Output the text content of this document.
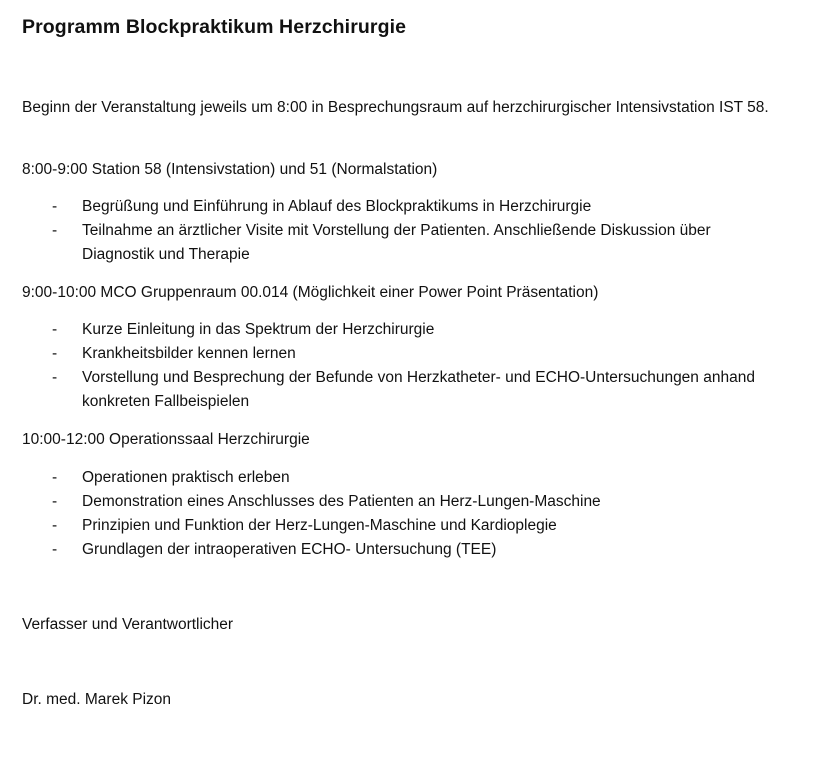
Programm Blockpraktikum Herzchirurgie
Beginn der Veranstaltung jeweils um 8:00 in Besprechungsraum auf herzchirurgischer Intensivstation IST 58.
8:00-9:00 Station 58 (Intensivstation) und 51 (Normalstation)
-	Begrüßung und Einführung in Ablauf des Blockpraktikums in Herzchirurgie
-	Teilnahme an ärztlicher Visite mit Vorstellung der Patienten. Anschließende Diskussion über Diagnostik und Therapie
9:00-10:00 MCO Gruppenraum 00.014 (Möglichkeit einer Power Point Präsentation)
-	Kurze Einleitung in das Spektrum der Herzchirurgie
-	Krankheitsbilder kennen lernen
-	Vorstellung und Besprechung der Befunde von Herzkatheter- und ECHO-Untersuchungen anhand konkreten Fallbeispielen
10:00-12:00 Operationssaal Herzchirurgie
-	Operationen praktisch erleben
-	Demonstration eines Anschlusses des Patienten an Herz-Lungen-Maschine
-	Prinzipien und Funktion der Herz-Lungen-Maschine und Kardioplegie
-	Grundlagen der intraoperativen ECHO- Untersuchung (TEE)
Verfasser und Verantwortlicher
Dr. med. Marek Pizon
